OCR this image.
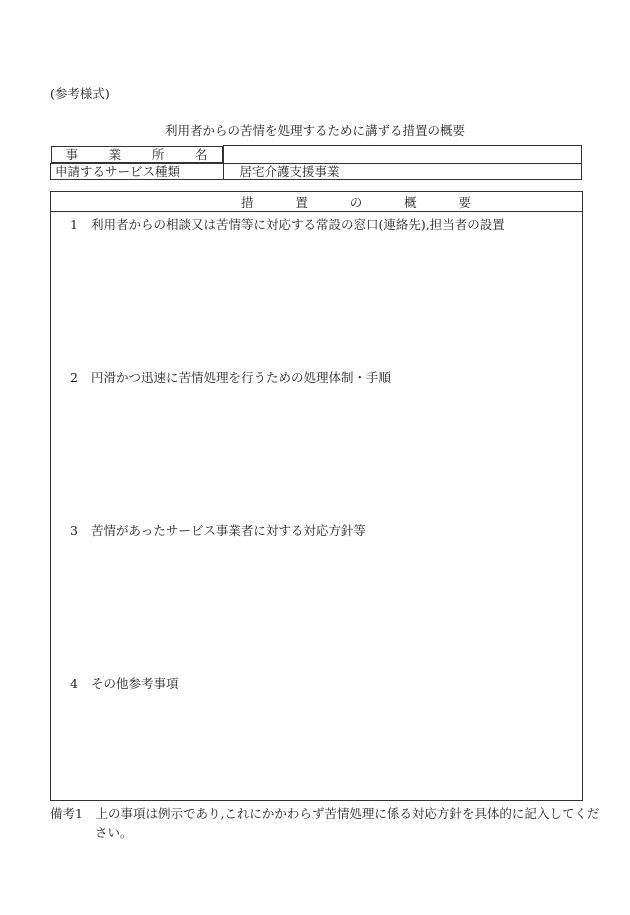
(参考様式)
利用者からの苦情を処理するために講ずる措置の概要
事 業 所 名

申請するサービス種類	居宅介護支援事業
措	置	の	概	要
1 利用者からの相談又は苦情等に対応する常設の窓口(連絡先),担当者の設置
2 円滑かつ迅速に苦情処理を行うための処理体制・手順
3 苦情があったサービス事業者に対する対応方針等
4 その他参考事項
備考1　上の事項は例示であり,これにかかわらず苦情処理に係る対応方針を具体的に記入してくだ
さい。
